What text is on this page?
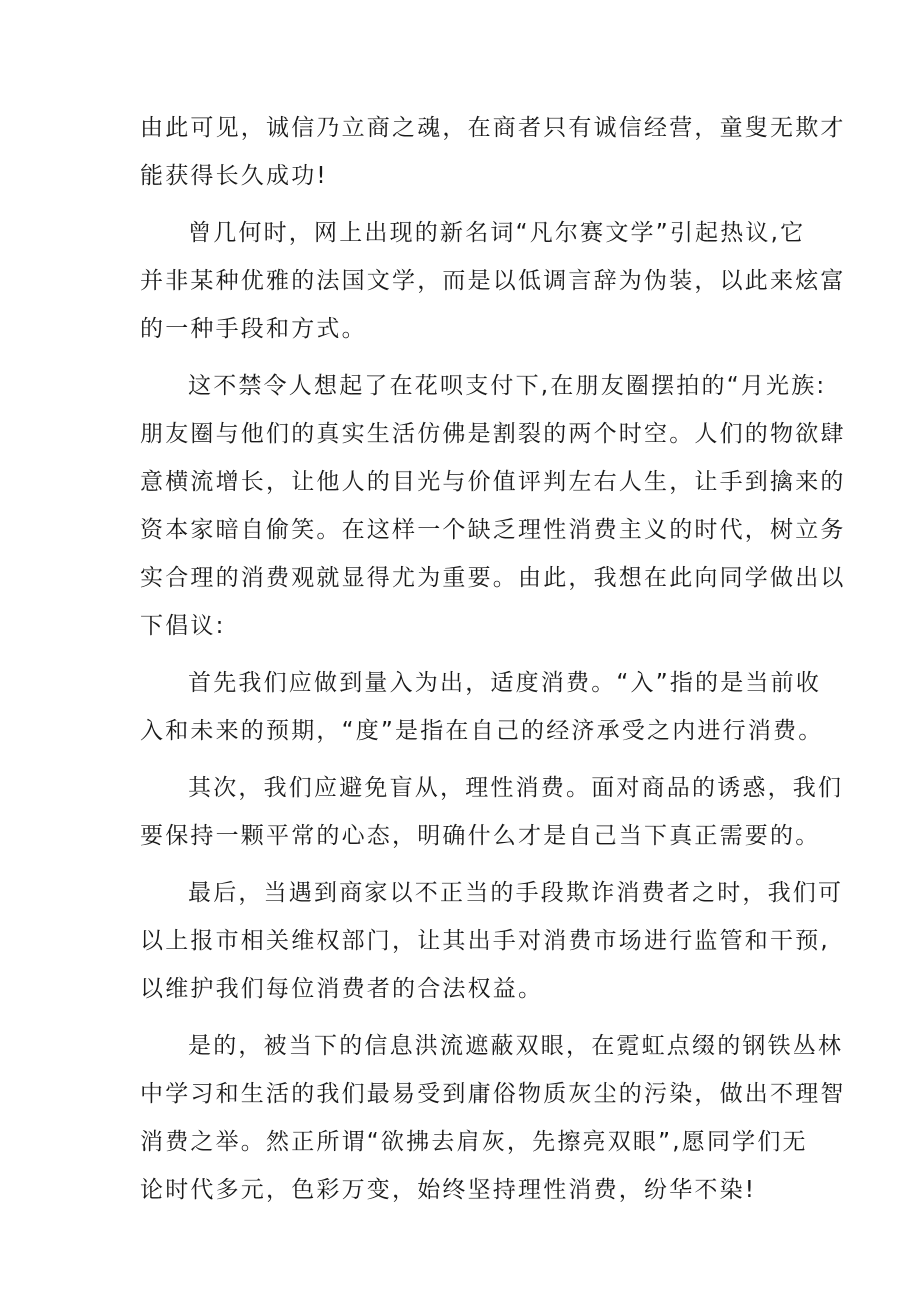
由此可见，诚信乃立商之魂，在商者只有诚信经营，童叟无欺才
能获得长久成功!
曾几何时，网上出现的新名词“凡尔赛文学”引起热议,它
并非某种优雅的法国文学，而是以低调言辞为伪装，以此来炫富
的一种手段和方式。
这不禁令人想起了在花呗支付下,在朋友圈摆拍的“月光族:
朋友圈与他们的真实生活仿佛是割裂的两个时空。人们的物欲肆
意横流增长，让他人的目光与价值评判左右人生，让手到擒来的
资本家暗自偷笑。在这样一个缺乏理性消费主义的时代，树立务
实合理的消费观就显得尤为重要。由此，我想在此向同学做出以
下倡议:
首先我们应做到量入为出，适度消费。“入”指的是当前收
入和未来的预期，“度”是指在自己的经济承受之内进行消费。
其次，我们应避免盲从，理性消费。面对商品的诱惑，我们
要保持一颗平常的心态，明确什么才是自己当下真正需要的。
最后，当遇到商家以不正当的手段欺诈消费者之时，我们可
以上报市相关维权部门，让其出手对消费市场进行监管和干预,
以维护我们每位消费者的合法权益。
是的，被当下的信息洪流遮蔽双眼，在霓虹点缀的钢铁丛林
中学习和生活的我们最易受到庸俗物质灰尘的污染，做出不理智
消费之举。然正所谓“欲拂去肩灰，先擦亮双眼”,愿同学们无
论时代多元，色彩万变，始终坚持理性消费，纷华不染!
